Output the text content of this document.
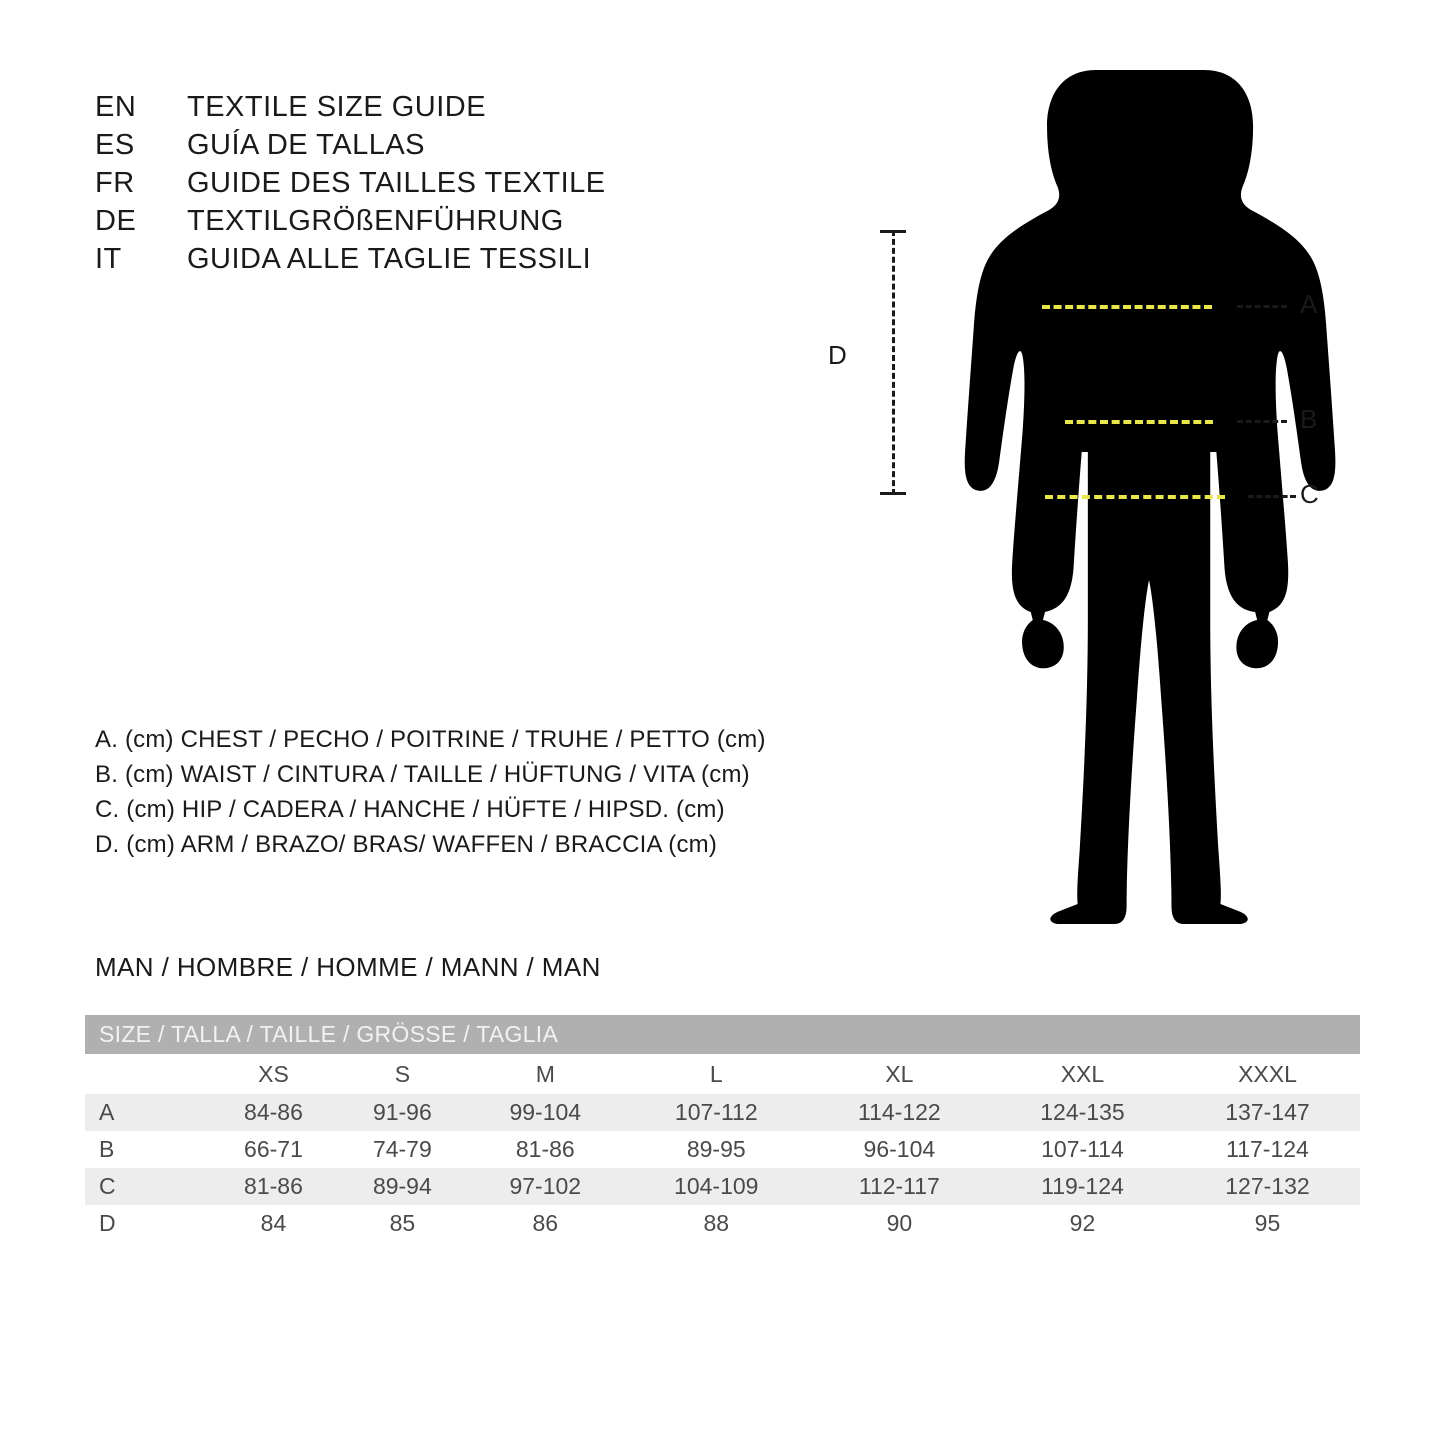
EN	TEXTILE SIZE GUIDE
ES	GUÍA DE TALLAS
FR	GUIDE DES TAILLES TEXTILE
DE	TEXTILGRÖßENFÜHRUNG
IT	GUIDA ALLE TAGLIE TESSILI
A. (cm) CHEST / PECHO / POITRINE / TRUHE / PETTO (cm)
B. (cm) WAIST / CINTURA / TAILLE / HÜFTUNG / VITA (cm)
C. (cm) HIP / CADERA / HANCHE / HÜFTE / HIPSD. (cm)
D. (cm) ARM / BRAZO/ BRAS/ WAFFEN / BRACCIA (cm)
D
A
B
C
MAN / HOMBRE / HOMME / MANN / MAN
SIZE / TALLA / TAILLE / GRÖSSE / TAGLIA							
	XS	S	M	L	XL	XXL	XXXL
A	84-86	91-96	99-104	107-112	114-122	124-135	137-147
B	66-71	74-79	81-86	89-95	96-104	107-114	117-124
C	81-86	89-94	97-102	104-109	112-117	119-124	127-132
D	84	85	86	88	90	92	95
